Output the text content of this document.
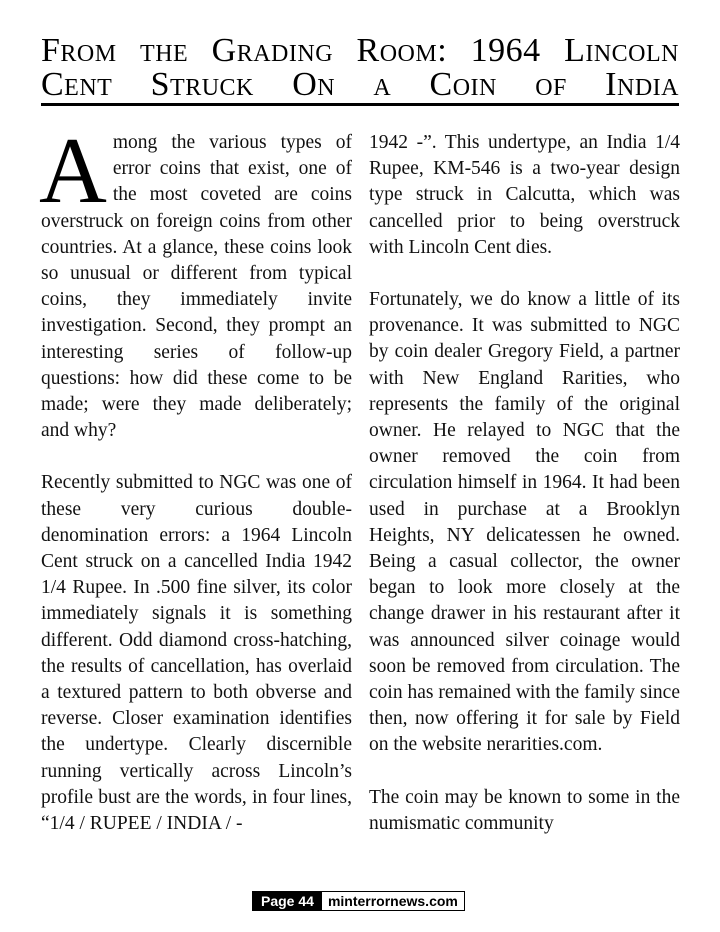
From the Grading Room: 1964 Lincoln
Cent Struck On a Coin of India

Among the various types of error coins that exist, one of the most coveted are coins overstruck on foreign coins from other countries. At a glance, these coins look so unusual or different from typical coins, they immediately invite investigation. Second, they prompt an interesting series of follow-up questions: how did these come to be made; were they made deliberately; and why?

Recently submitted to NGC was one of these very curious double-denomination errors: a 1964 Lincoln Cent struck on a cancelled India 1942 1/4 Rupee. In .500 fine silver, its color immediately signals it is something different. Odd diamond cross-hatching, the results of cancellation, has overlaid a textured pattern to both obverse and reverse. Closer examination identifies the undertype. Clearly discernible running vertically across Lincoln’s profile bust are the words, in four lines, “1/4 / RUPEE / INDIA / -

1942 -”. This undertype, an India 1/4 Rupee, KM-546 is a two-year design type struck in Calcutta, which was cancelled prior to being overstruck with Lincoln Cent dies.

Fortunately, we do know a little of its provenance. It was submitted to NGC by coin dealer Gregory Field, a partner with New England Rarities, who represents the family of the original owner. He relayed to NGC that the owner removed the coin from circulation himself in 1964. It had been used in purchase at a Brooklyn Heights, NY delicatessen he owned. Being a casual collector, the owner began to look more closely at the change drawer in his restaurant after it was announced silver coinage would soon be removed from circulation. The coin has remained with the family since then, now offering it for sale by Field on the website nerarities.com.

The coin may be known to some in the numismatic community

Page 44	minterrornews.com
